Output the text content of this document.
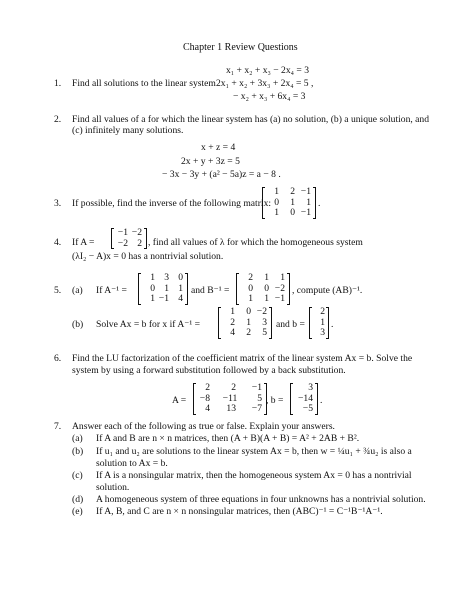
Chapter 1 Review Questions
1. Find all solutions to the linear system
x₁ + x₂ + x₃ − 2x₄ = 3
2x₁ + x₂ + 3x₃ + 2x₄ = 5 ,
− x₂ + x₃ + 6x₄ = 3
2. Find all values of a for which the linear system has (a) no solution, (b) a unique solution, and
(c) infinitely many solutions.
x + z = 4
2x + y + 3z = 5
− 3x − 3y + (a² − 5a)z = a − 8 .
3. If possible, find the inverse of the following matrix:
1	2 −1
0	1	1
1	0 −1
.
4. If A =
−1 −2
−2 2 , find all values of λ for which the homogeneous system
(λI₂ − A)x = 0 has a nontrivial solution.
5. (a) If A⁻¹ =
1 3 0
0 1 1
1 −1 4
and B⁻¹ =
2	1	1
0	0 −2
1	1 −1
, compute (AB)⁻¹.
(b) Solve Ax = b for x if A⁻¹ =
1	0 −2
2	1	3
4	2	5
and b =
2
1
3
.
6. Find the LU factorization of the coefficient matrix of the linear system Ax = b. Solve the
system by using a forward substitution followed by a back substitution.
A =
2	2 −1
−8 −11	5
4 13 −7
, b =
3
−14
−5
.
7. Answer each of the following as true or false. Explain your answers.
(a) If A and B are n × n matrices, then (A + B)(A + B) = A² + 2AB + B².
(b) If u₁ and u₂ are solutions to the linear system Ax = b, then w = ¼u₁ + ¾u₂ is also a
solution to Ax = b.
(c) If A is a nonsingular matrix, then the homogeneous system Ax = 0 has a nontrivial
solution.
(d) A homogeneous system of three equations in four unknowns has a nontrivial solution.
(e) If A, B, and C are n × n nonsingular matrices, then (ABC)⁻¹ = C⁻¹B⁻¹A⁻¹.
